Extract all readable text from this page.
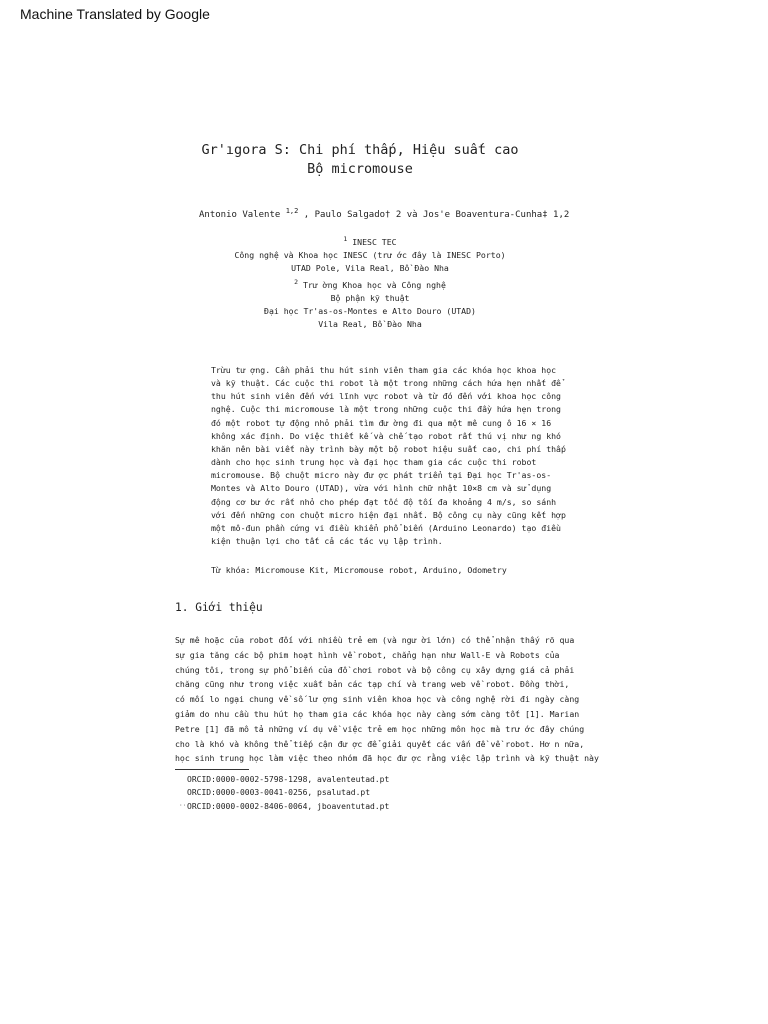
Machine Translated by Google
Gr'ıgora S: Chi phí thấp, Hiệu suất cao
Bộ micromouse
Antonio Valente $^{1,2}$ , Paulo Salgado† 2 và Jos'e Boaventura-Cunha‡ 1,2
$^1$ INESC TEC
Công nghệ và Khoa học INESC (trư ớc đây là INESC Porto)
UTAD Pole, Vila Real, Bồ Đào Nha
$^2$ Trư ờng Khoa học và Công nghệ
Bộ phận kỹ thuật
Đại học Tr'as-os-Montes e Alto Douro (UTAD)
Vila Real, Bồ Đào Nha
Trừu tư ợng. Cần phải thu hút sinh viên tham gia các khóa học khoa học
và kỹ thuật. Các cuộc thi robot là một trong những cách hứa hẹn nhất để
thu hút sinh viên đến với lĩnh vực robot và từ đó đến với khoa học công
nghệ. Cuộc thi micromouse là một trong những cuộc thi đầy hứa hẹn trong
đó một robot tự động nhỏ phải tìm đư ờng đi qua một mê cung ô 16 × 16
không xác định. Do việc thiết kế và chế tạo robot rất thú vị như ng khó
khăn nên bài viết này trình bày một bộ robot hiệu suất cao, chi phí thấp
dành cho học sinh trung học và đại học tham gia các cuộc thi robot
micromouse. Bộ chuột micro này đư ợc phát triển tại Đại học Tr'as-os-
Montes và Alto Douro (UTAD), vừa với hình chữ nhật 10×8 cm và sử dụng
động cơ bư ớc rất nhỏ cho phép đạt tốc độ tối đa khoảng 4 m/s, so sánh
với đến những con chuột micro hiện đại nhất. Bộ công cụ này cũng kết hợp
một mô-đun phần cứng vi điều khiển phổ biến (Arduino Leonardo) tạo điều
kiện thuận lợi cho tất cả các tác vụ lập trình.
Từ khóa: Micromouse Kit, Micromouse robot, Arduino, Odometry
1. Giới thiệu
Sự mê hoặc của robot đối với nhiều trẻ em (và ngư ời lớn) có thể nhận thấy rõ qua
sự gia tăng các bộ phim hoạt hình về robot, chẳng hạn như Wall-E và Robots của
chúng tôi, trong sự phổ biến của đồ chơi robot và bộ công cụ xây dựng giá cả phải
chăng cũng như trong việc xuất bản các tạp chí và trang web về robot. Đồng thời,
có mối lo ngại chung về số lư ợng sinh viên khoa học và công nghệ rời đi ngày càng
giảm do nhu cầu thu hút họ tham gia các khóa học này càng sớm càng tốt [1]. Marian
Petre [1] đã mô tả những ví dụ về việc trẻ em học những môn học mà trư ớc đây chúng
cho là khó và không thể tiếp cận đư ợc để giải quyết các vấn đề về robot. Hơ n nữa,
học sinh trung học làm việc theo nhóm đã học đư ợc rằng việc lập trình và kỹ thuật này
ORCID:0000-0002-5798-1298, avalenteutad.pt
ORCID:0000-0003-0041-0256, psalutad.pt
··ORCID:0000-0002-8406-0064, jboaventutad.pt
